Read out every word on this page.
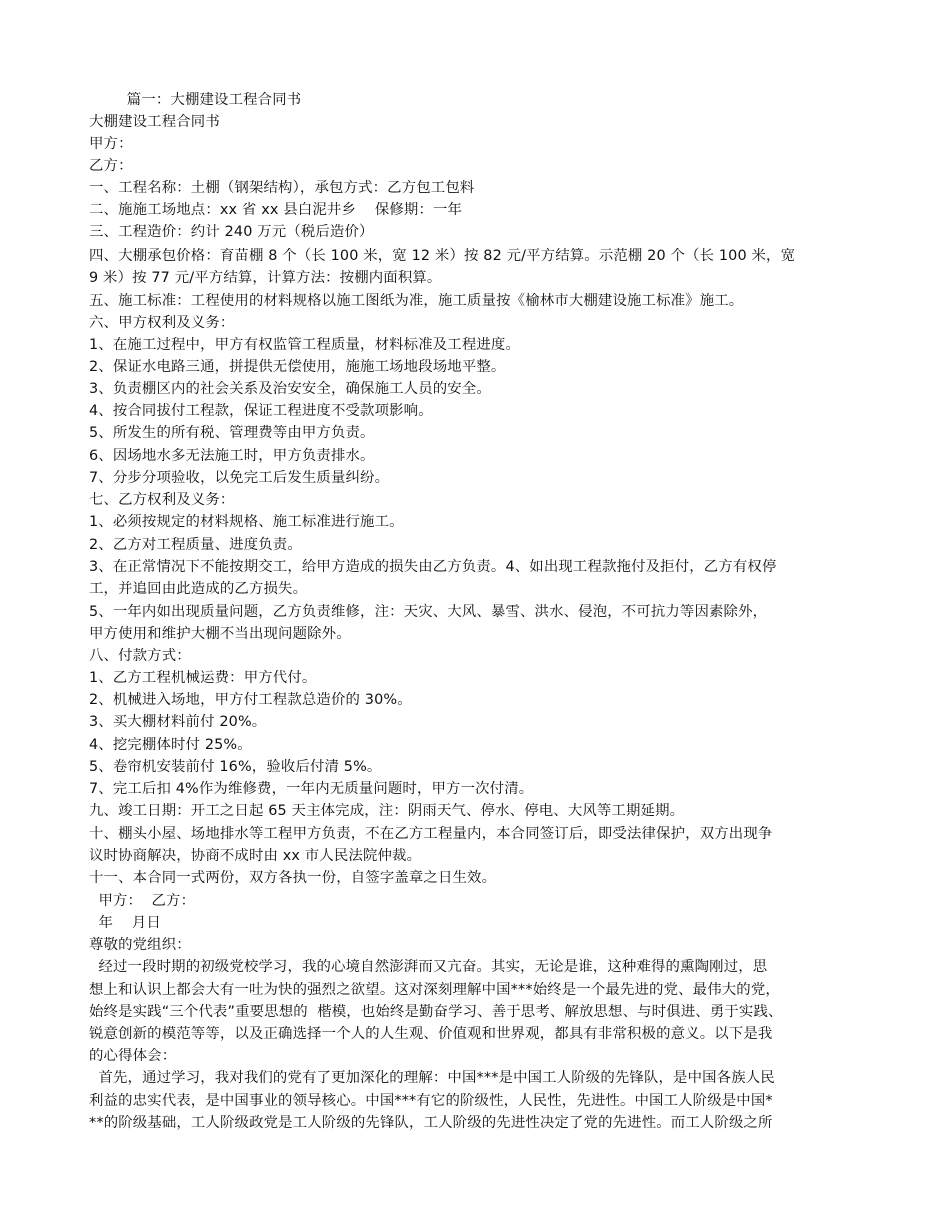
篇一：大棚建设工程合同书
大棚建设工程合同书
甲方：
乙方：
一、工程名称：土棚（钢架结构），承包方式：乙方包工包料
二、施施工场地点：xx 省 xx 县白泥井乡    保修期：一年
三、工程造价：约计 240 万元（税后造价）
四、大棚承包价格：育苗棚 8 个（长 100 米，宽 12 米）按 82 元/平方结算。示范棚 20 个（长 100 米，宽
9 米）按 77 元/平方结算，计算方法：按棚内面积算。
五、施工标准：工程使用的材料规格以施工图纸为准，施工质量按《榆林市大棚建设施工标准》施工。
六、甲方权利及义务：
1、在施工过程中，甲方有权监管工程质量，材料标准及工程进度。
2、保证水电路三通，拼提供无偿使用，施施工场地段场地平整。
3、负责棚区内的社会关系及治安安全，确保施工人员的安全。
4、按合同拔付工程款，保证工程进度不受款项影响。
5、所发生的所有税、管理费等由甲方负责。
6、因场地水多无法施工时，甲方负责排水。
7、分步分项验收，以免完工后发生质量纠纷。
七、乙方权利及义务：
1、必须按规定的材料规格、施工标准进行施工。
2、乙方对工程质量、进度负责。
3、在正常情况下不能按期交工，给甲方造成的损失由乙方负责。4、如出现工程款拖付及拒付，乙方有权停
工，并追回由此造成的乙方损失。
5、一年内如出现质量问题，乙方负责维修，注：天灾、大风、暴雪、洪水、侵泡，不可抗力等因素除外，
甲方使用和维护大棚不当出现问题除外。
八、付款方式：
1、乙方工程机械运费：甲方代付。
2、机械进入场地，甲方付工程款总造价的 30%。
3、买大棚材料前付 20%。
4、挖完棚体时付 25%。
5、卷帘机安装前付 16%，验收后付清 5%。
7、完工后扣 4%作为维修费，一年内无质量问题时，甲方一次付清。
九、竣工日期：开工之日起 65 天主体完成，注：阴雨天气、停水、停电、大风等工期延期。
十、棚头小屋、场地排水等工程甲方负责，不在乙方工程量内，本合同签订后，即受法律保护，双方出现争
议时协商解决，协商不成时由 xx 市人民法院仲裁。
十一、本合同一式两份，双方各执一份，自签字盖章之日生效。
甲方：  乙方：
年    月日
尊敬的党组织：
经过一段时期的初级党校学习，我的心境自然澎湃而又亢奋。其实，无论是谁，这种难得的熏陶刚过，思
想上和认识上都会大有一吐为快的强烈之欲望。这对深刻理解中国***始终是一个最先进的党、最伟大的党，
始终是实践“三个代表”重要思想的  楷模，也始终是勤奋学习、善于思考、解放思想、与时俱进、勇于实践、
锐意创新的模范等等，以及正确选择一个人的人生观、价值观和世界观，都具有非常积极的意义。以下是我
的心得体会：
首先，通过学习，我对我们的党有了更加深化的理解：中国***是中国工人阶级的先锋队，是中国各族人民
利益的忠实代表，是中国事业的领导核心。中国***有它的阶级性，人民性，先进性。中国工人阶级是中国*
**的阶级基础，工人阶级政党是工人阶级的先锋队，工人阶级的先进性决定了党的先进性。而工人阶级之所
